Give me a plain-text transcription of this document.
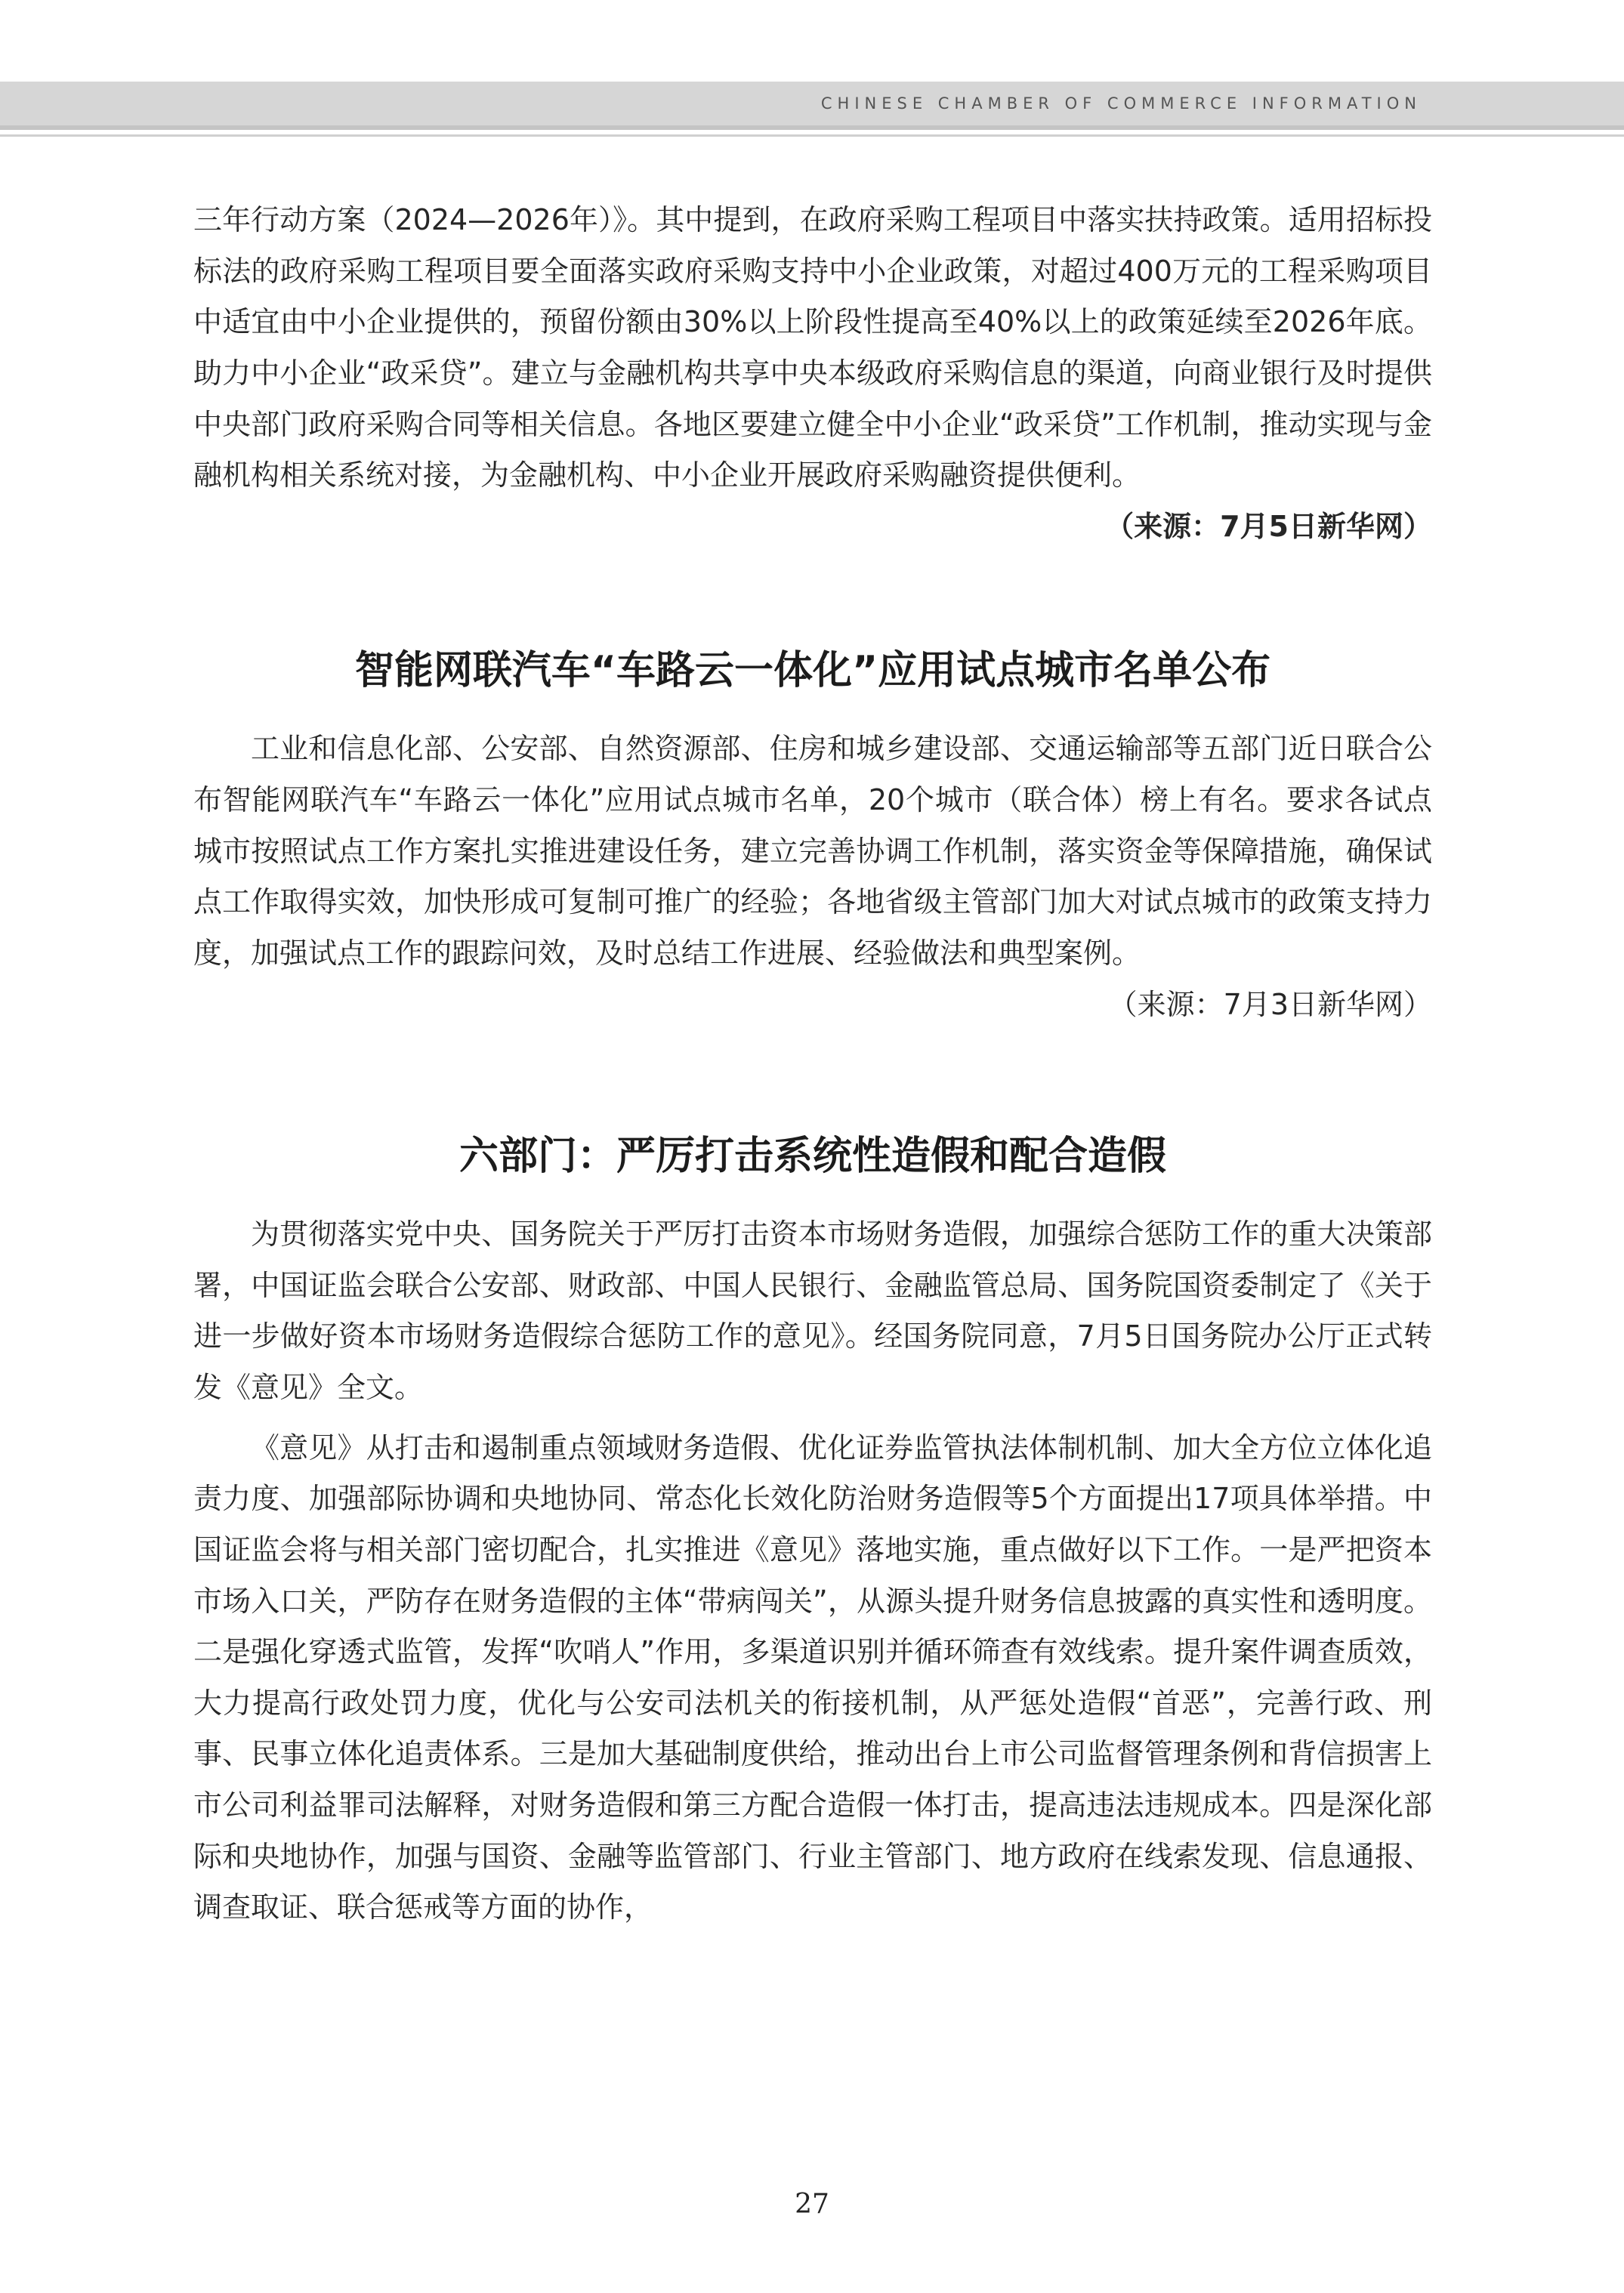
CHINESE CHAMBER OF COMMERCE INFORMATION

三年行动方案（2024—2026年）》。其中提到，在政府采购工程项目中落实扶持政策。适用招标投标法的政府采购工程项目要全面落实政府采购支持中小企业政策，对超过400万元的工程采购项目中适宜由中小企业提供的，预留份额由30%以上阶段性提高至40%以上的政策延续至2026年底。助力中小企业“政采贷”。建立与金融机构共享中央本级政府采购信息的渠道，向商业银行及时提供中央部门政府采购合同等相关信息。各地区要建立健全中小企业“政采贷”工作机制，推动实现与金融机构相关系统对接，为金融机构、中小企业开展政府采购融资提供便利。

（来源：7月5日新华网）

智能网联汽车“车路云一体化”应用试点城市名单公布

工业和信息化部、公安部、自然资源部、住房和城乡建设部、交通运输部等五部门近日联合公布智能网联汽车“车路云一体化”应用试点城市名单，20个城市（联合体）榜上有名。要求各试点城市按照试点工作方案扎实推进建设任务，建立完善协调工作机制，落实资金等保障措施，确保试点工作取得实效，加快形成可复制可推广的经验；各地省级主管部门加大对试点城市的政策支持力度，加强试点工作的跟踪问效，及时总结工作进展、经验做法和典型案例。

（来源：7月3日新华网）

六部门：严厉打击系统性造假和配合造假

为贯彻落实党中央、国务院关于严厉打击资本市场财务造假，加强综合惩防工作的重大决策部署，中国证监会联合公安部、财政部、中国人民银行、金融监管总局、国务院国资委制定了《关于进一步做好资本市场财务造假综合惩防工作的意见》。经国务院同意，7月5日国务院办公厅正式转发《意见》全文。

《意见》从打击和遏制重点领域财务造假、优化证券监管执法体制机制、加大全方位立体化追责力度、加强部际协调和央地协同、常态化长效化防治财务造假等5个方面提出17项具体举措。中国证监会将与相关部门密切配合，扎实推进《意见》落地实施，重点做好以下工作。一是严把资本市场入口关，严防存在财务造假的主体“带病闯关”，从源头提升财务信息披露的真实性和透明度。二是强化穿透式监管，发挥“吹哨人”作用，多渠道识别并循环筛查有效线索。提升案件调查质效，大力提高行政处罚力度，优化与公安司法机关的衔接机制，从严惩处造假“首恶”，完善行政、刑事、民事立体化追责体系。三是加大基础制度供给，推动出台上市公司监督管理条例和背信损害上市公司利益罪司法解释，对财务造假和第三方配合造假一体打击，提高违法违规成本。四是深化部际和央地协作，加强与国资、金融等监管部门、行业主管部门、地方政府在线索发现、信息通报、调查取证、联合惩戒等方面的协作，

27
